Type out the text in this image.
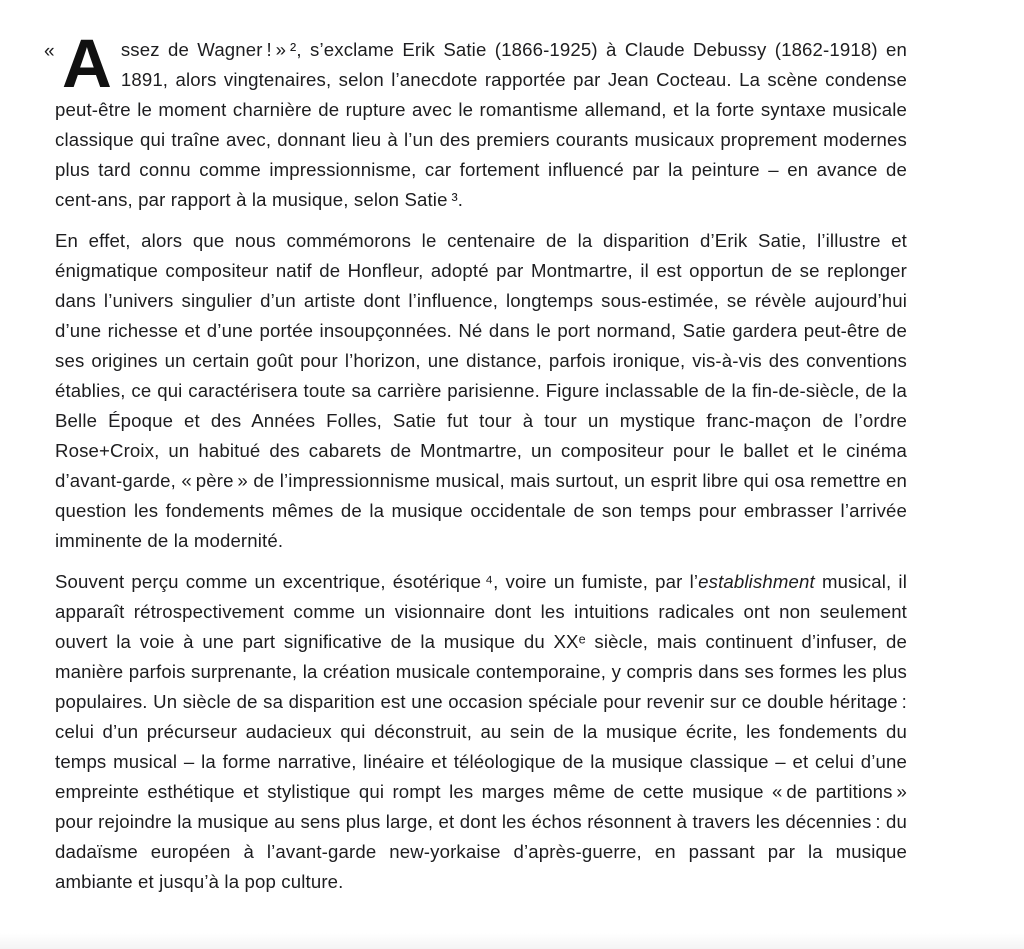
« A ssez de Wagner ! » ², s’exclame Erik Satie (1866-1925) à Claude Debussy (1862-1918) en 1891, alors vingtenaires, selon l’anecdote rapportée par Jean Cocteau. La scène condense peut-être le moment charnière de rupture avec le romantisme allemand, et la forte syntaxe musicale classique qui traîne avec, donnant lieu à l’un des premiers courants musicaux proprement modernes plus tard connu comme impressionnisme, car fortement influencé par la peinture – en avance de cent-ans, par rapport à la musique, selon Satie ³.

En effet, alors que nous commémorons le centenaire de la disparition d’Erik Satie, l’illustre et énigmatique compositeur natif de Honfleur, adopté par Montmartre, il est opportun de se replonger dans l’univers singulier d’un artiste dont l’influence, longtemps sous-estimée, se révèle aujourd’hui d’une richesse et d’une portée insoupçonnées. Né dans le port normand, Satie gardera peut-être de ses origines un certain goût pour l’horizon, une distance, parfois ironique, vis-à-vis des conventions établies, ce qui caractérisera toute sa carrière parisienne. Figure inclassable de la fin-de-siècle, de la Belle Époque et des Années Folles, Satie fut tour à tour un mystique franc-maçon de l’ordre Rose+Croix, un habitué des cabarets de Montmartre, un compositeur pour le ballet et le cinéma d’avant-garde, « père » de l’impressionnisme musical, mais surtout, un esprit libre qui osa remettre en question les fondements mêmes de la musique occidentale de son temps pour embrasser l’arrivée imminente de la modernité.

Souvent perçu comme un excentrique, ésotérique ⁴, voire un fumiste, par l’establishment musical, il apparaît rétrospectivement comme un visionnaire dont les intuitions radicales ont non seulement ouvert la voie à une part significative de la musique du XXᵉ siècle, mais continuent d’infuser, de manière parfois surprenante, la création musicale contemporaine, y compris dans ses formes les plus populaires. Un siècle de sa disparition est une occasion spéciale pour revenir sur ce double héritage : celui d’un précurseur audacieux qui déconstruit, au sein de la musique écrite, les fondements du temps musical – la forme narrative, linéaire et téléologique de la musique classique – et celui d’une empreinte esthétique et stylistique qui rompt les marges même de cette musique « de partitions » pour rejoindre la musique au sens plus large, et dont les échos résonnent à travers les décennies : du dadaïsme européen à l’avant-garde new-yorkaise d’après-guerre, en passant par la musique ambiante et jusqu’à la pop culture.
